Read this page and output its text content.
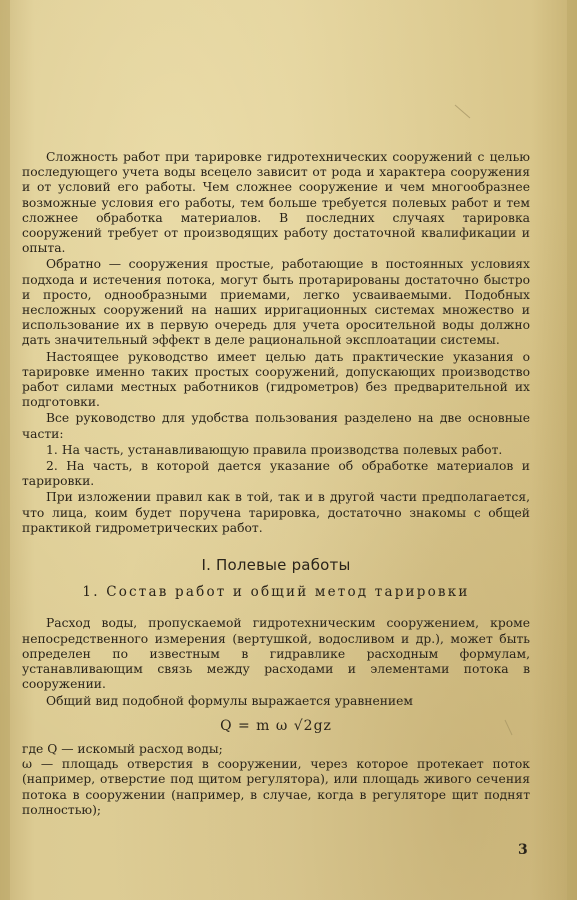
Сложность работ при тарировке гидротехнических сооружений с целью последующего учета воды всецело зависит от рода и характера сооружения и от условий его работы. Чем сложнее сооружение и чем многообразнее возможные условия его работы, тем больше требуется полевых работ и тем сложнее обработка материалов. В последних случаях тарировка сооружений требует от производящих работу достаточной квалификации и опыта.

Обратно — сооружения простые, работающие в постоянных условиях подхода и истечения потока, могут быть протарированы достаточно быстро и просто, однообразными приемами, легко усваиваемыми. Подобных несложных сооружений на наших ирригационных системах множество и использование их в первую очередь для учета оросительной воды должно дать значительный эффект в деле рациональной эксплоатации системы.

Настоящее руководство имеет целью дать практические указания о тарировке именно таких простых сооружений, допускающих производство работ силами местных работников (гидрометров) без предварительной их подготовки.

Все руководство для удобства пользования разделено на две основные части:

1. На часть, устанавливающую правила производства полевых работ.

2. На часть, в которой дается указание об обработке материалов и тарировки.

При изложении правил как в той, так и в другой части предполагается, что лица, коим будет поручена тарировка, достаточно знакомы с общей практикой гидрометрических работ.

I. Полевые работы
1. Состав работ и общий метод тарировки

Расход воды, пропускаемой гидротехническим сооружением, кроме непосредственного измерения (вертушкой, водосливом и др.), может быть определен по известным в гидравлике расходным формулам, устанавливающим связь между расходами и элементами потока в сооружении.

Общий вид подобной формулы выражается уравнением

Q = m ω √2gz

где Q — искомый расход воды;

ω — площадь отверстия в сооружении, через которое протекает поток (например, отверстие под щитом регулятора), или площадь живого сечения потока в сооружении (например, в случае, когда в регуляторе щит поднят полностью);

3
